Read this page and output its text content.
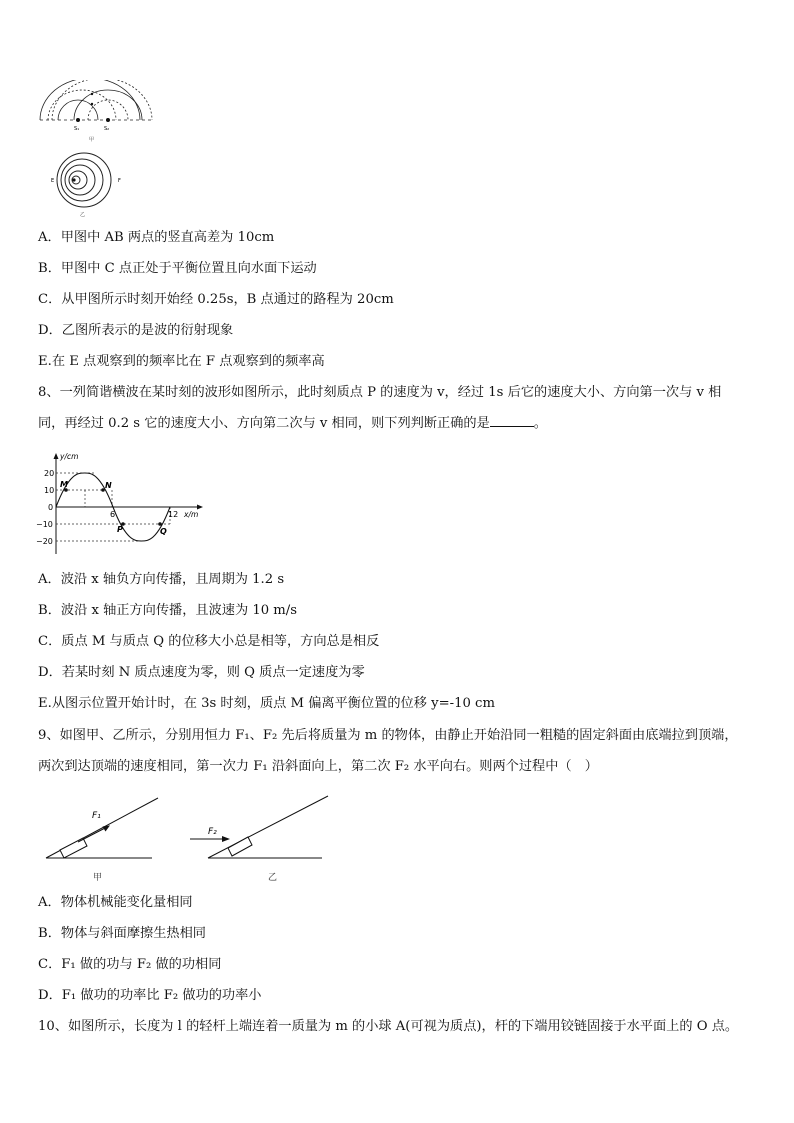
S₁	S₂
甲
E	F
乙
A．甲图中 AB 两点的竖直高差为 10cm
B．甲图中 C 点正处于平衡位置且向水面下运动
C．从甲图所示时刻开始经 0.25s，B 点通过的路程为 20cm
D．乙图所表示的是波的衍射现象
E.在 E 点观察到的频率比在 F 点观察到的频率高
8、一列简谐横波在某时刻的波形如图所示，此时刻质点 P 的速度为 v，经过 1s 后它的速度大小、方向第一次与 v 相
同，再经过 0.2 s 它的速度大小、方向第二次与 v 相同，则下列判断正确的是	。
y/cm
x/m
20
10
0
−10
−20
6	12
M	N
P	Q
A．波沿 x 轴负方向传播，且周期为 1.2 s
B．波沿 x 轴正方向传播，且波速为 10 m/s
C．质点 M 与质点 Q 的位移大小总是相等，方向总是相反
D．若某时刻 N 质点速度为零，则 Q 质点一定速度为零
E.从图示位置开始计时，在 3s 时刻，质点 M 偏离平衡位置的位移 y=-10 cm
9、如图甲、乙所示，分别用恒力 F₁、F₂ 先后将质量为 m 的物体，由静止开始沿同一粗糙的固定斜面由底端拉到顶端，
两次到达顶端的速度相同，第一次力 F₁ 沿斜面向上，第二次 F₂ 水平向右。则两个过程中（　）
F₁
甲
F₂
乙
A．物体机械能变化量相同
B．物体与斜面摩擦生热相同
C．F₁ 做的功与 F₂ 做的功相同
D．F₁ 做功的功率比 F₂ 做功的功率小
10、如图所示，长度为 l 的轻杆上端连着一质量为 m 的小球 A(可视为质点)，杆的下端用铰链固接于水平面上的 O 点。
